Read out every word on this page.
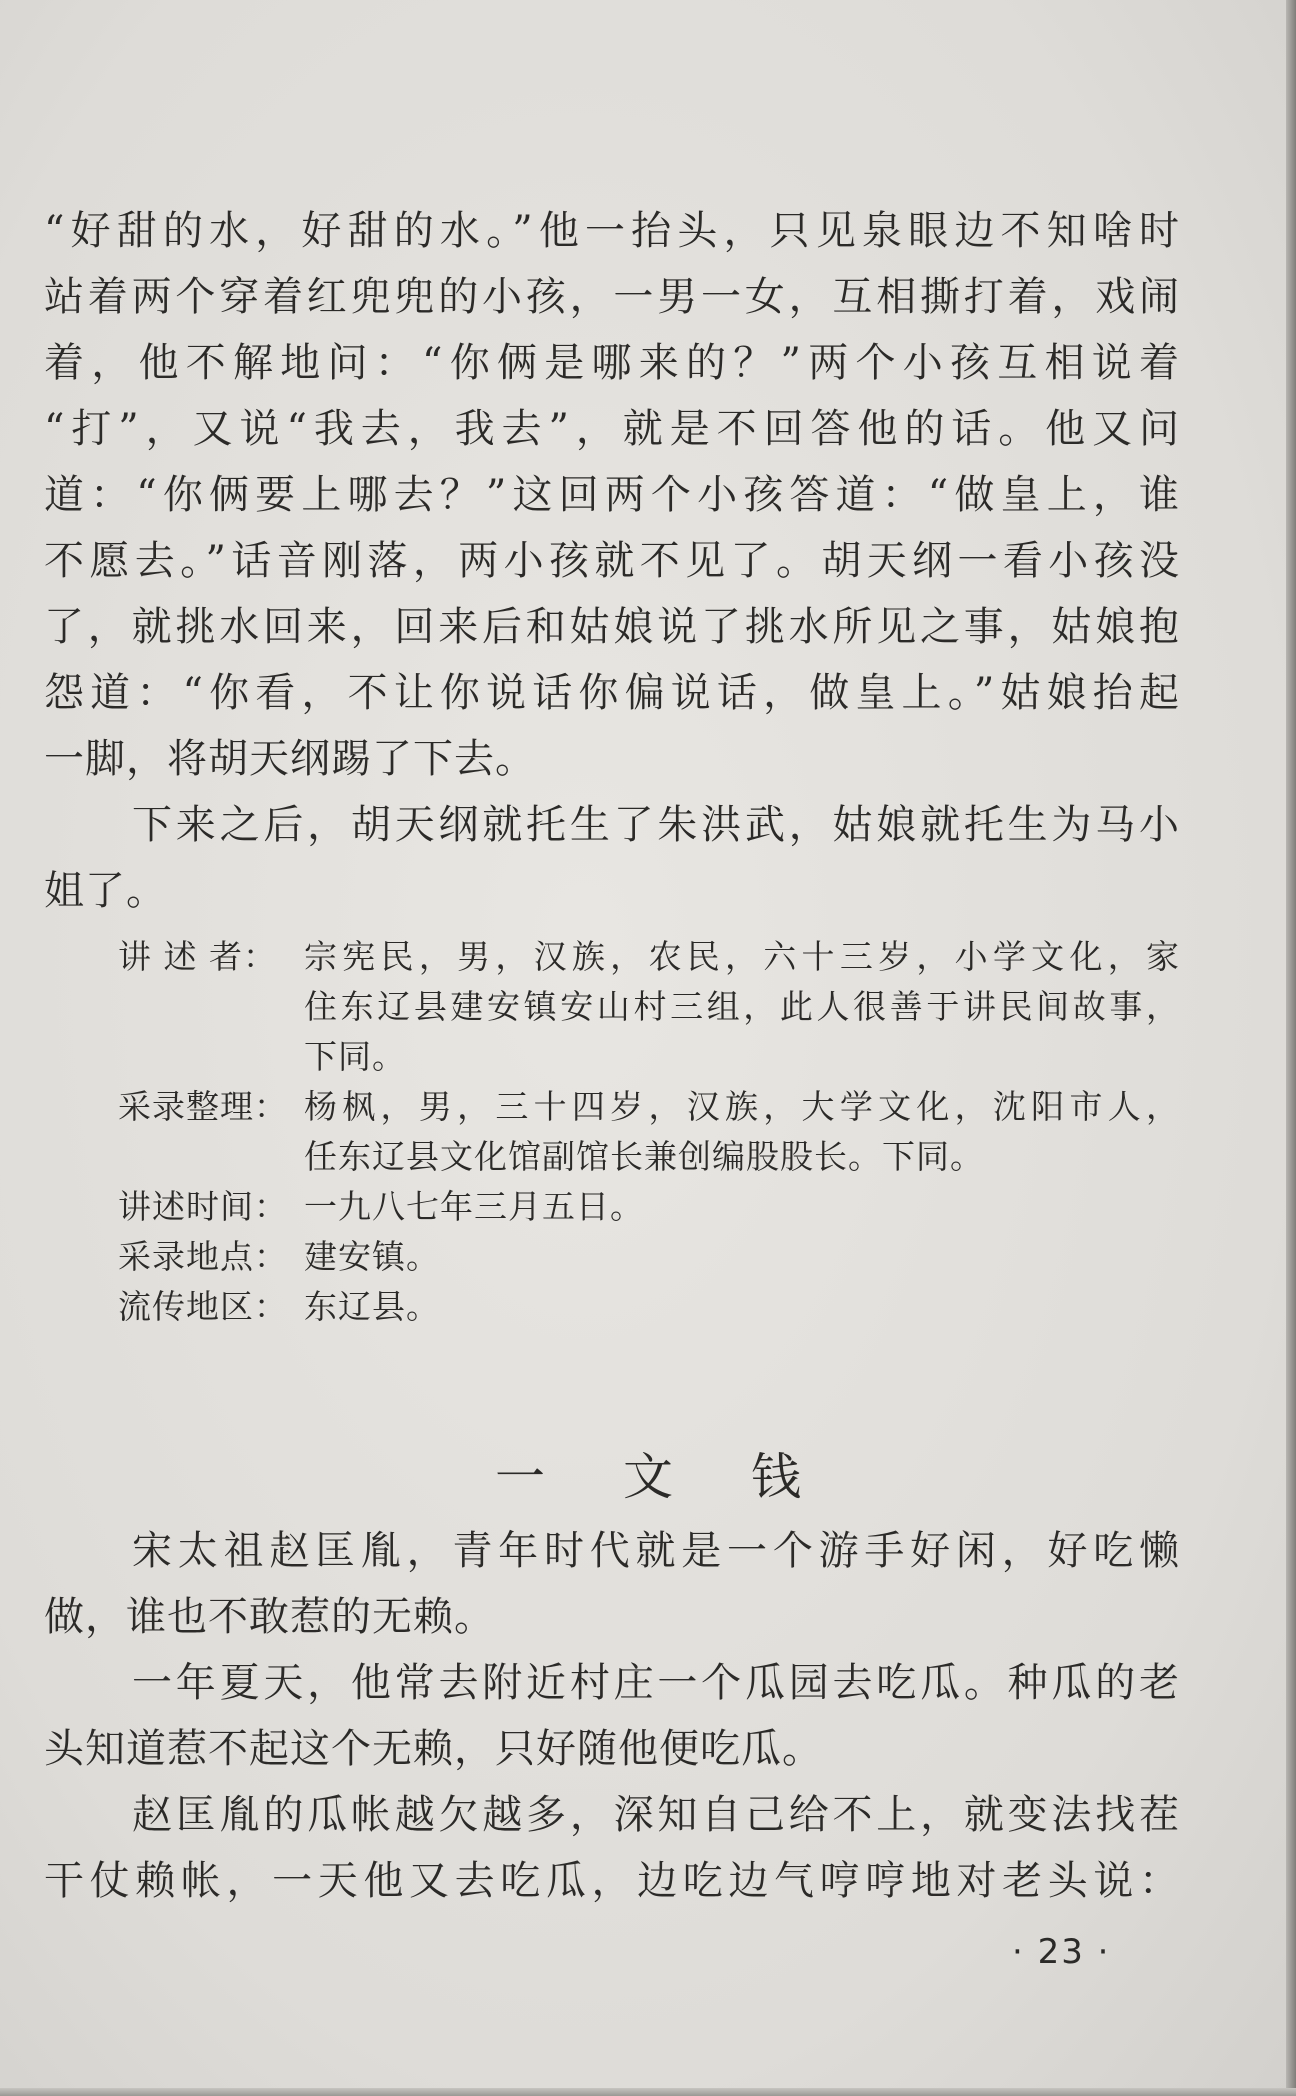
“好甜的水，好甜的水。”他一抬头，只见泉眼边不知啥时
站着两个穿着红兜兜的小孩，一男一女，互相撕打着，戏闹
着，他不解地问：“你俩是哪来的？”两个小孩互相说着
“打”，又说“我去，我去”，就是不回答他的话。他又问
道：“你俩要上哪去？”这回两个小孩答道：“做皇上，谁
不愿去。”话音刚落，两小孩就不见了。胡天纲一看小孩没
了，就挑水回来，回来后和姑娘说了挑水所见之事，姑娘抱
怨道：“你看，不让你说话你偏说话，做皇上。”姑娘抬起
一脚，将胡天纲踢了下去。
下来之后，胡天纲就托生了朱洪武，姑娘就托生为马小
姐了。
讲 述 者： 宗宪民，男，汉族，农民，六十三岁，小学文化，家
住东辽县建安镇安山村三组，此人很善于讲民间故事，
下同。
采录整理： 杨枫，男，三十四岁，汉族，大学文化，沈阳市人，
任东辽县文化馆副馆长兼创编股股长。下同。
讲述时间： 一九八七年三月五日。
采录地点： 建安镇。
流传地区： 东辽县。
一文钱
宋太祖赵匡胤，青年时代就是一个游手好闲，好吃懒
做，谁也不敢惹的无赖。
一年夏天，他常去附近村庄一个瓜园去吃瓜。种瓜的老
头知道惹不起这个无赖，只好随他便吃瓜。
赵匡胤的瓜帐越欠越多，深知自己给不上，就变法找茬
干仗赖帐，一天他又去吃瓜，边吃边气哼哼地对老头说：
· 23 ·
